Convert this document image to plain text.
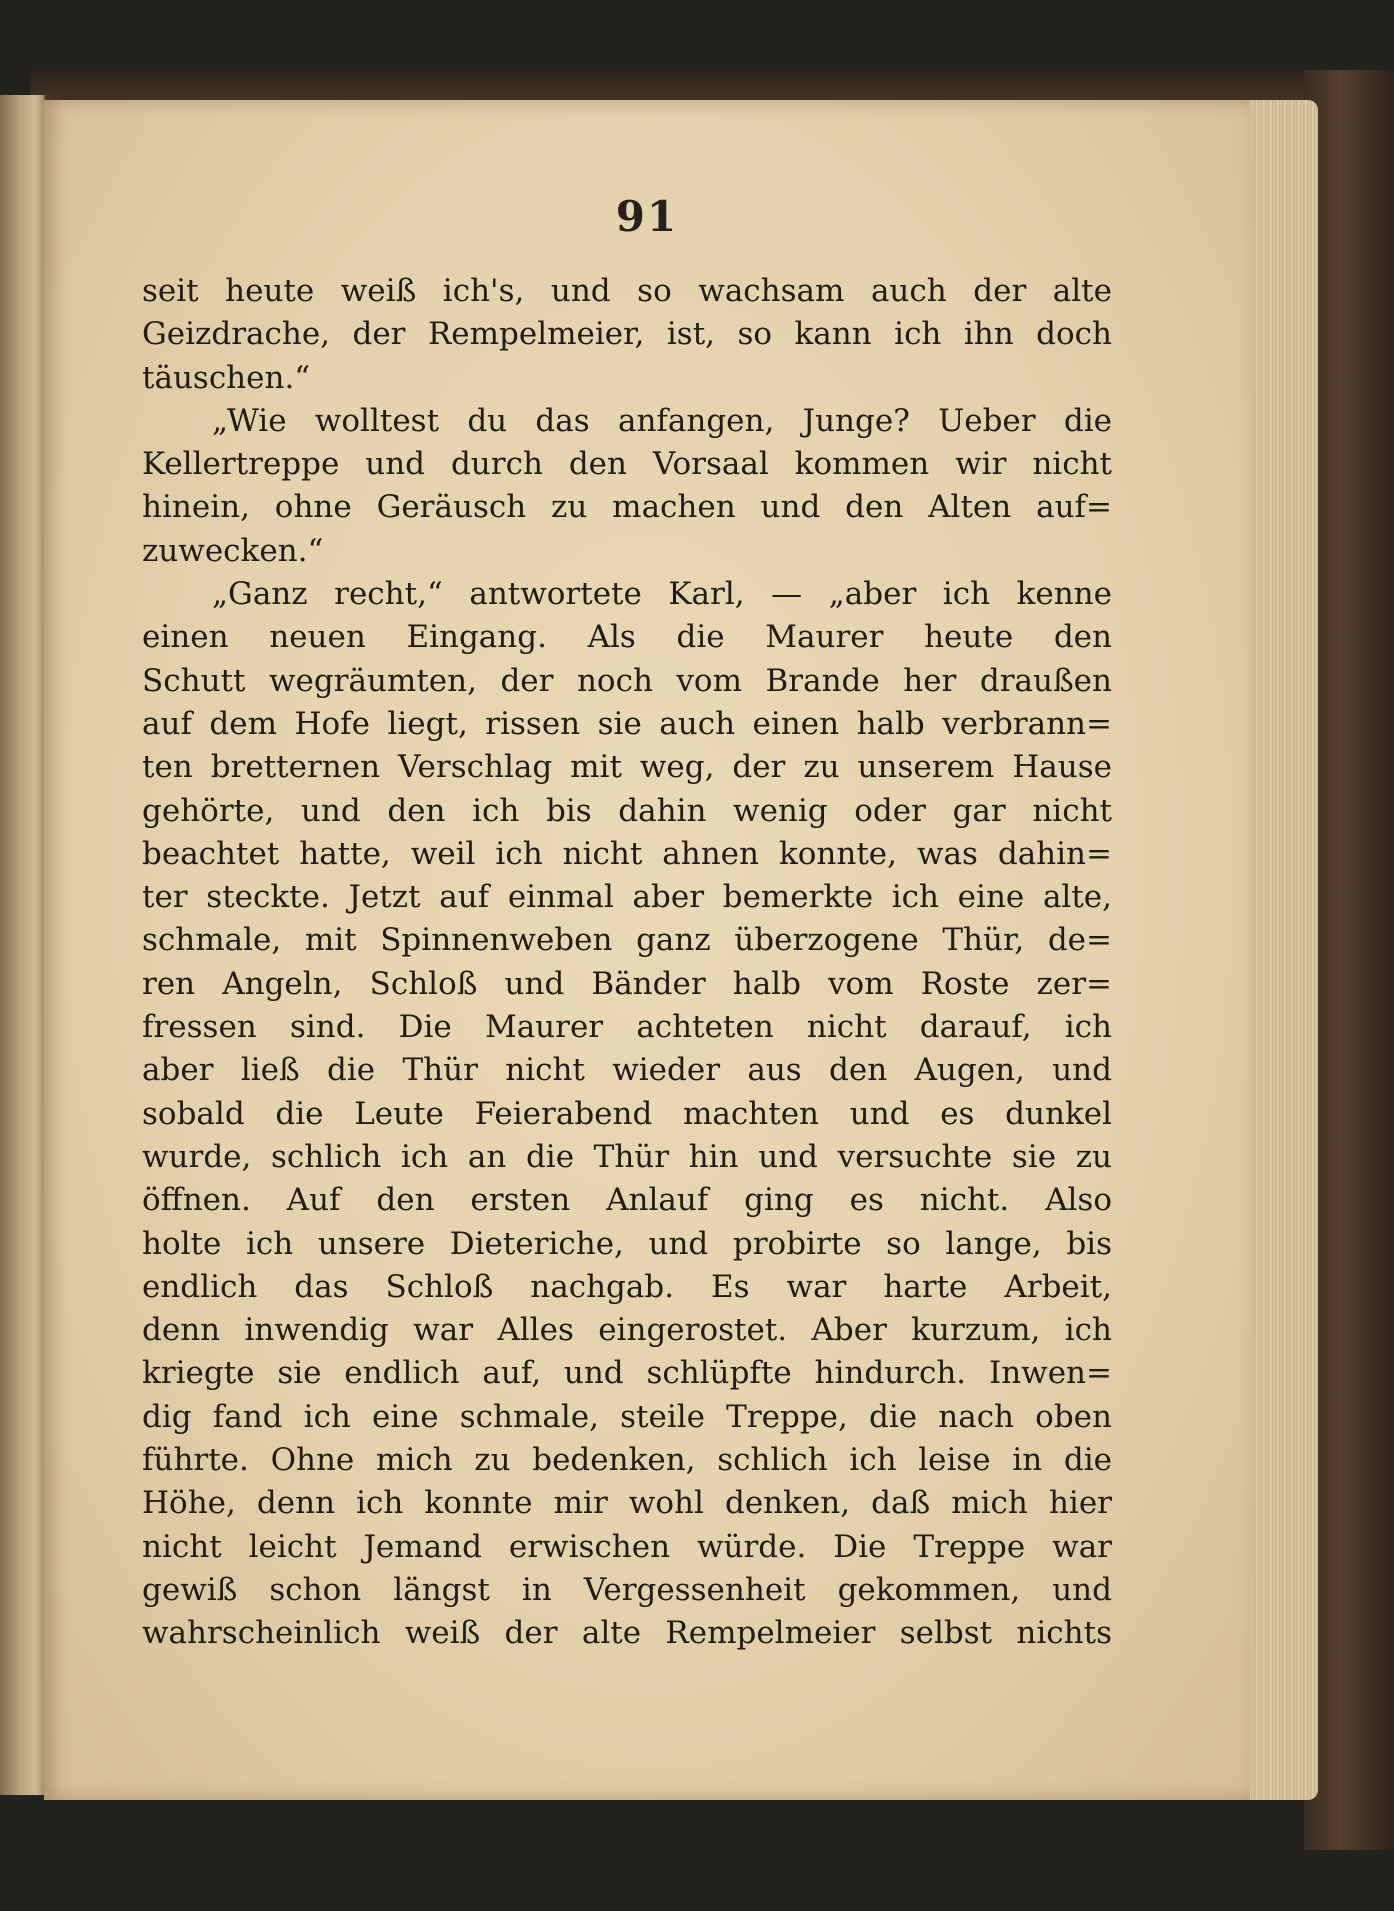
91
seit heute weiß ich's, und so wachsam auch der alte
Geizdrache, der Rempelmeier, ist, so kann ich ihn doch
täuschen.“
„Wie wolltest du das anfangen, Junge? Ueber die
Kellertreppe und durch den Vorsaal kommen wir nicht
hinein, ohne Geräusch zu machen und den Alten auf=
zuwecken.“
„Ganz recht,“ antwortete Karl, — „aber ich kenne
einen neuen Eingang. Als die Maurer heute den
Schutt wegräumten, der noch vom Brande her draußen
auf dem Hofe liegt, rissen sie auch einen halb verbrann=
ten bretternen Verschlag mit weg, der zu unserem Hause
gehörte, und den ich bis dahin wenig oder gar nicht
beachtet hatte, weil ich nicht ahnen konnte, was dahin=
ter steckte. Jetzt auf einmal aber bemerkte ich eine alte,
schmale, mit Spinnenweben ganz überzogene Thür, de=
ren Angeln, Schloß und Bänder halb vom Roste zer=
fressen sind. Die Maurer achteten nicht darauf, ich
aber ließ die Thür nicht wieder aus den Augen, und
sobald die Leute Feierabend machten und es dunkel
wurde, schlich ich an die Thür hin und versuchte sie zu
öffnen. Auf den ersten Anlauf ging es nicht. Also
holte ich unsere Dieteriche, und probirte so lange, bis
endlich das Schloß nachgab. Es war harte Arbeit,
denn inwendig war Alles eingerostet. Aber kurzum, ich
kriegte sie endlich auf, und schlüpfte hindurch. Inwen=
dig fand ich eine schmale, steile Treppe, die nach oben
führte. Ohne mich zu bedenken, schlich ich leise in die
Höhe, denn ich konnte mir wohl denken, daß mich hier
nicht leicht Jemand erwischen würde. Die Treppe war
gewiß schon längst in Vergessenheit gekommen, und
wahrscheinlich weiß der alte Rempelmeier selbst nichts
